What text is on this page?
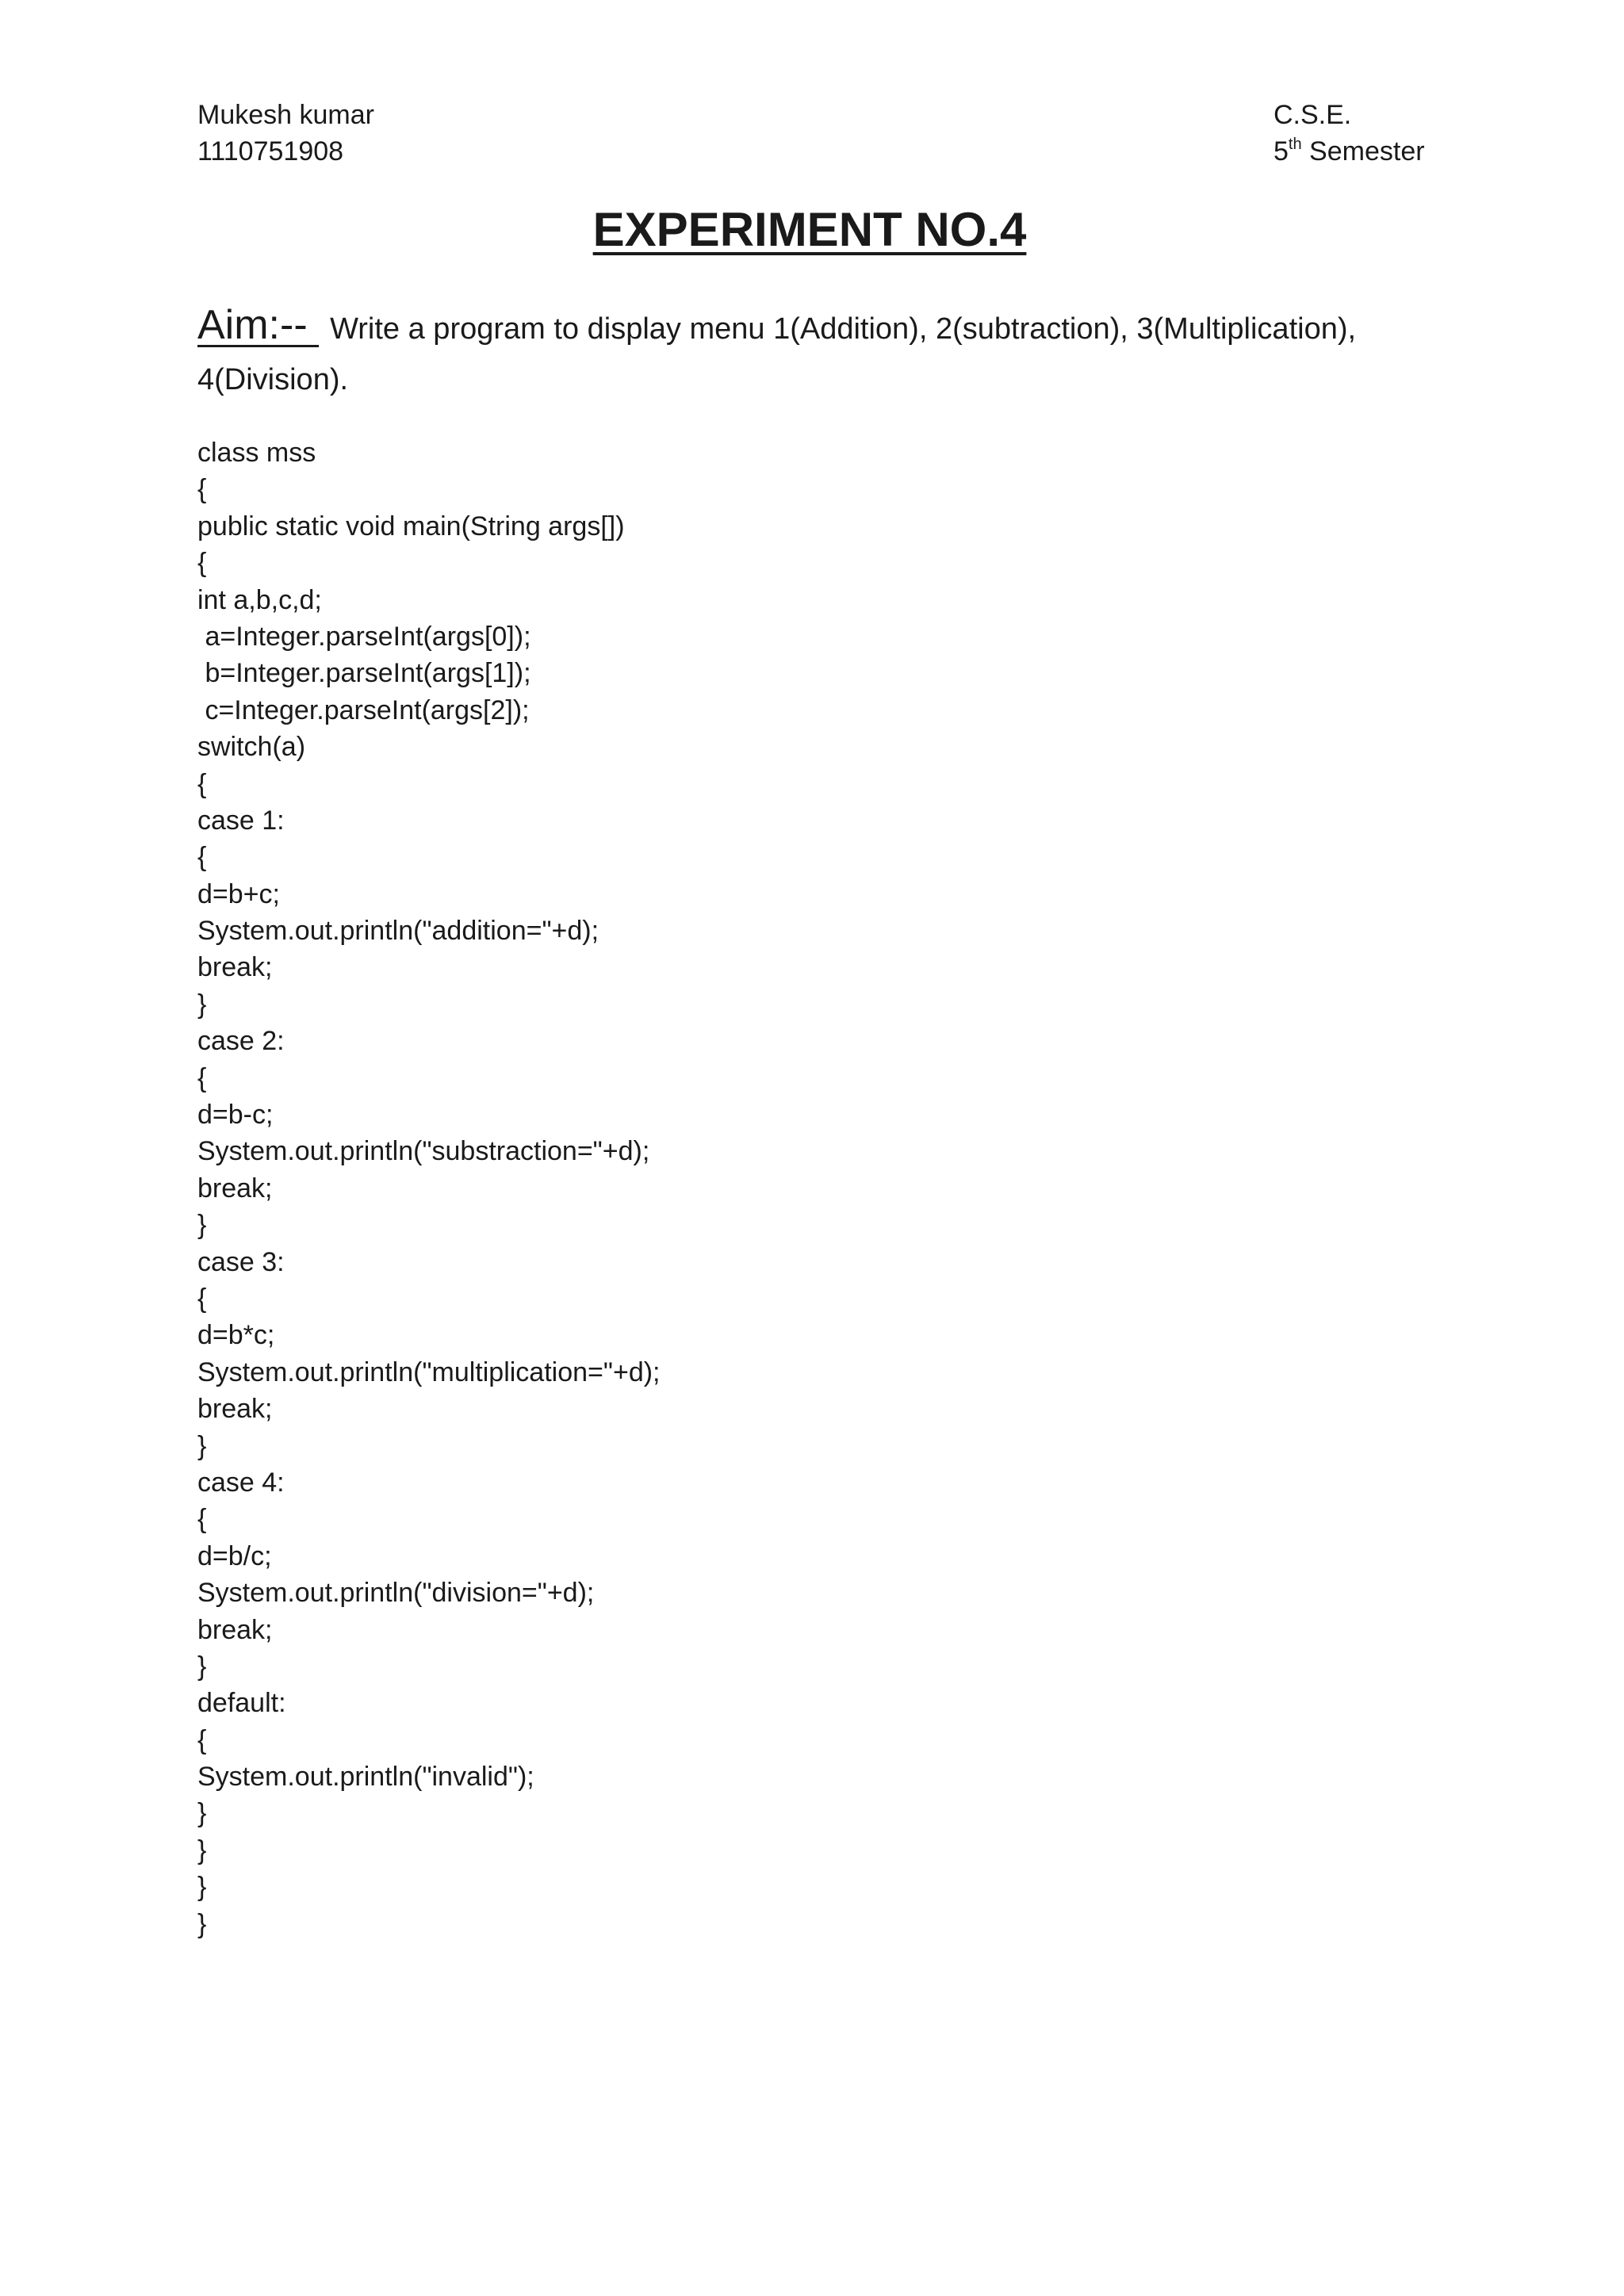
Mukesh kumar
1110751908
C.S.E.
5th Semester
EXPERIMENT NO.4
Aim:-- Write a program to display menu 1(Addition), 2(subtraction), 3(Multiplication), 4(Division).
class mss
{
public static void main(String args[])
{
int a,b,c,d;
a=Integer.parseInt(args[0]);
b=Integer.parseInt(args[1]);
c=Integer.parseInt(args[2]);
switch(a)
{
case 1:
{
d=b+c;
System.out.println("addition="+d);
break;
}
case 2:
{
d=b-c;
System.out.println("substraction="+d);
break;
}
case 3:
{
d=b*c;
System.out.println("multiplication="+d);
break;
}
case 4:
{
d=b/c;
System.out.println("division="+d);
break;
}
default:
{
System.out.println("invalid");
}
}
}
}
